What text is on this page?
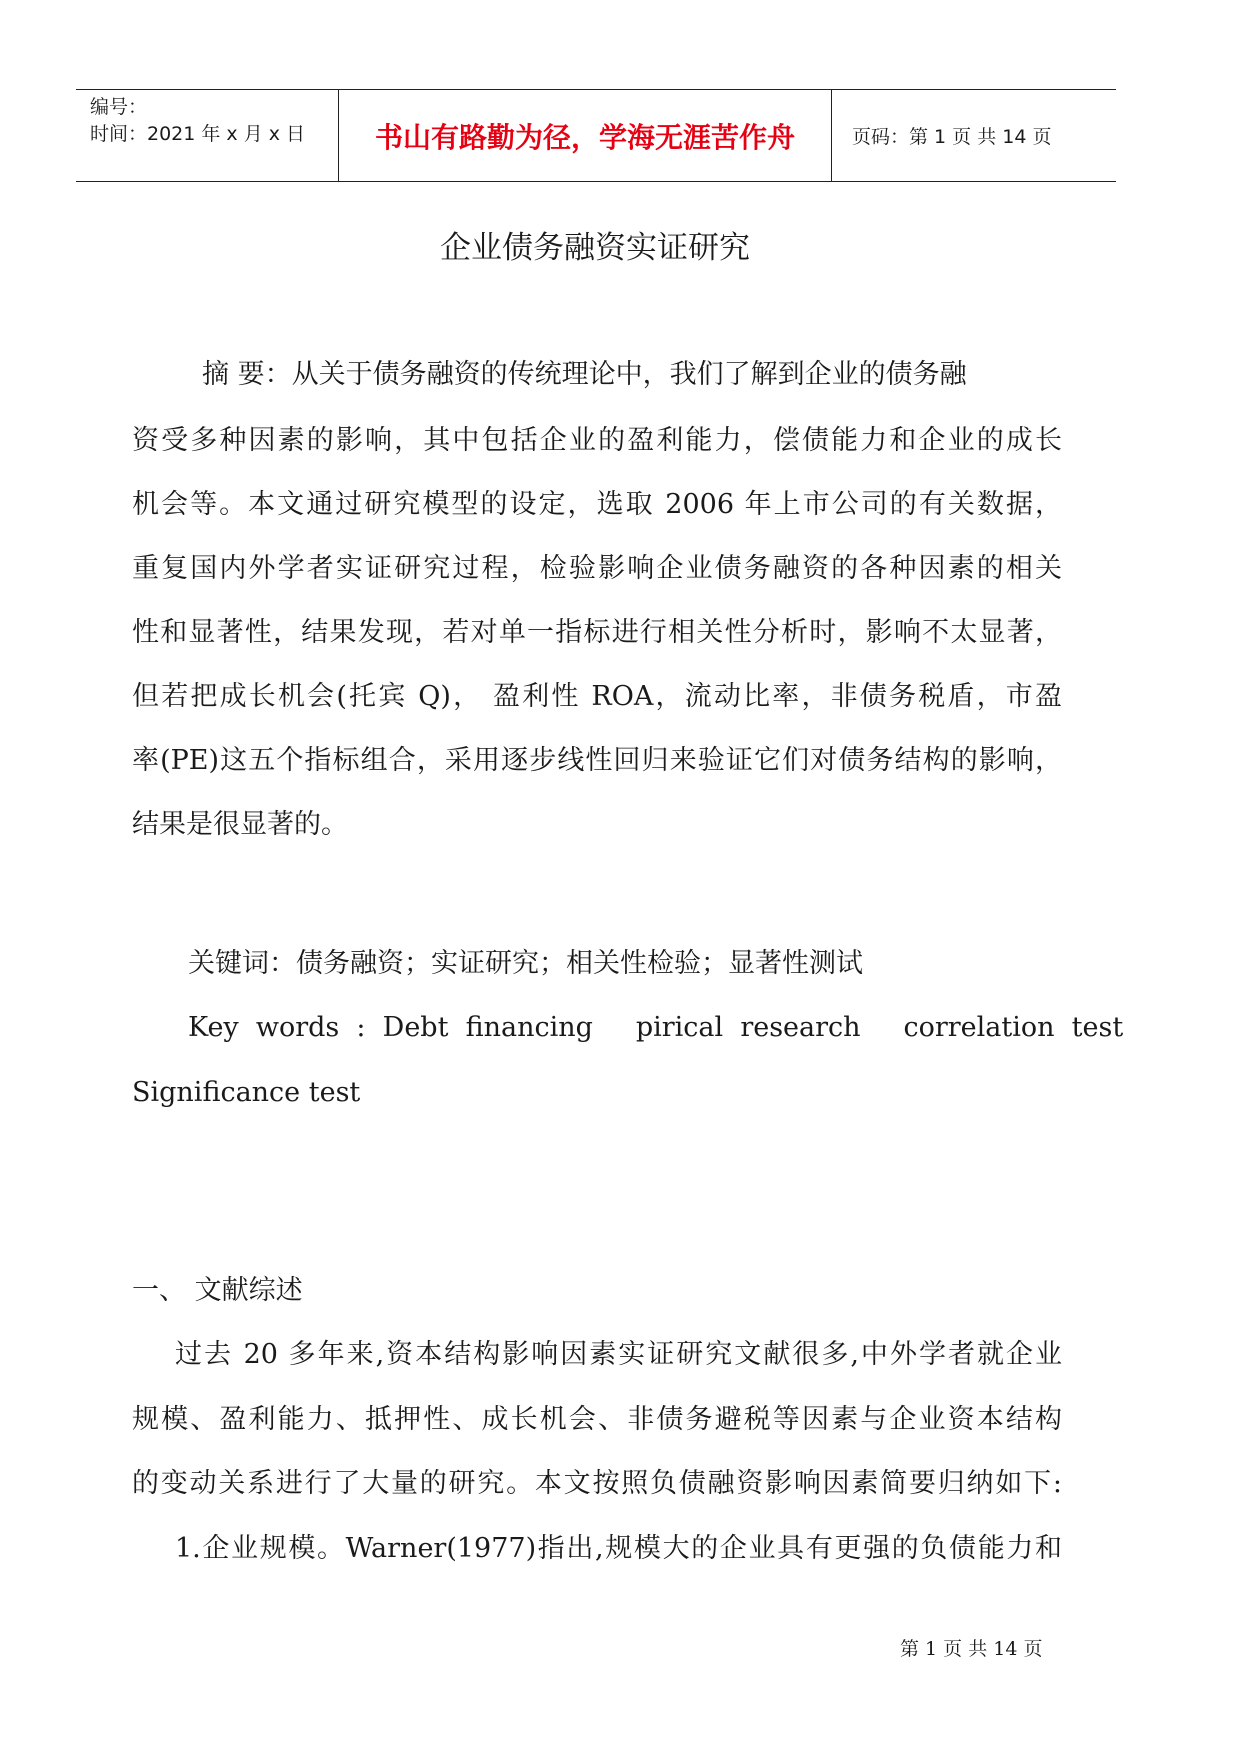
编号：
时间：2021 年 x 月 x 日	书山有路勤为径，学海无涯苦作舟	页码：第 1 页 共 14 页
企业债务融资实证研究
摘 要：从关于债务融资的传统理论中，我们了解到企业的债务融
资受多种因素的影响，其中包括企业的盈利能力，偿债能力和企业的成长
机会等。本文通过研究模型的设定，选取 2006 年上市公司的有关数据，
重复国内外学者实证研究过程，检验影响企业债务融资的各种因素的相关
性和显著性，结果发现，若对单一指标进行相关性分析时，影响不太显著，
但若把成长机会(托宾 Q)， 盈利性 ROA，流动比率，非债务税盾，市盈
率(PE)这五个指标组合，采用逐步线性回归来验证它们对债务结构的影响，
结果是很显著的。
关键词：债务融资；实证研究；相关性检验；显著性测试
Key  words  :  Debt  financing     pirical  research     correlation  test
Significance test
一、 文献综述
过去 20 多年来,资本结构影响因素实证研究文献很多,中外学者就企业
规模、盈利能力、抵押性、成长机会、非债务避税等因素与企业资本结构
的变动关系进行了大量的研究。本文按照负债融资影响因素简要归纳如下:
1.企业规模。Warner(1977)指出,规模大的企业具有更强的负债能力和
第 1 页 共 14 页
